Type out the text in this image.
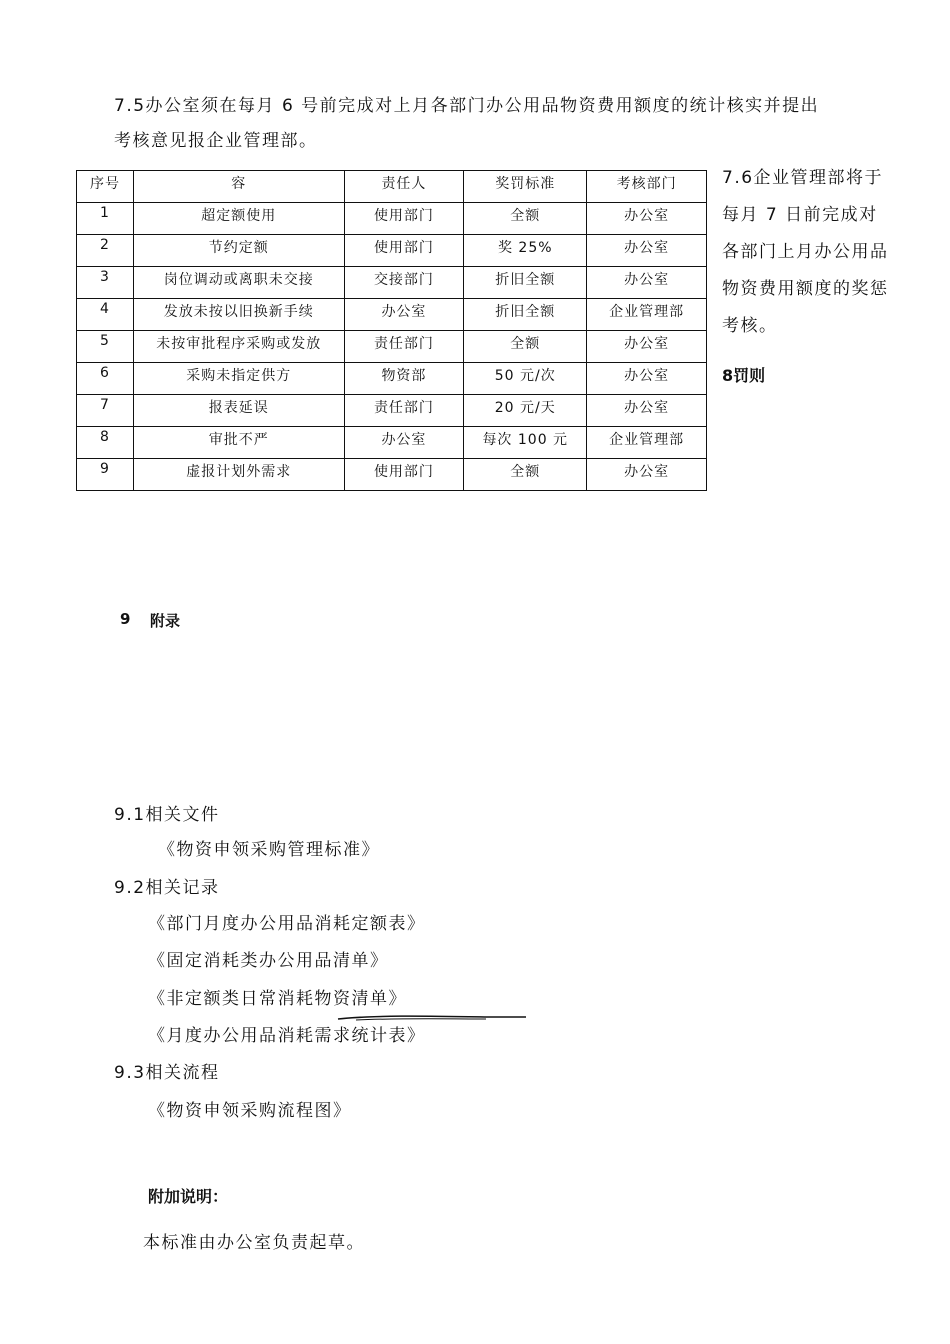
7.5办公室须在每月 6 号前完成对上月各部门办公用品物资费用额度的统计核实并提出
考核意见报企业管理部。
序号	容	责任人	奖罚标准	考核部门
1	超定额使用	使用部门	全额	办公室
2	节约定额	使用部门	奖 25%	办公室
3	岗位调动或离职未交接	交接部门	折旧全额	办公室
4	发放未按以旧换新手续	办公室	折旧全额	企业管理部
5	未按审批程序采购或发放	责任部门	全额	办公室
6	采购未指定供方	物资部	50 元/次	办公室
7	报表延误	责任部门	20 元/天	办公室
8	审批不严	办公室	每次 100 元	企业管理部
9	虚报计划外需求	使用部门	全额	办公室
7.6企业管理部将于
每月 7 日前完成对
各部门上月办公用品
物资费用额度的奖惩
考核。
8罚则
9 附录
9.1相关文件
《物资申领采购管理标准》
9.2相关记录
《部门月度办公用品消耗定额表》
《固定消耗类办公用品清单》
《非定额类日常消耗物资清单》
《月度办公用品消耗需求统计表》
9.3相关流程
《物资申领采购流程图》
附加说明：
本标准由办公室负责起草。
